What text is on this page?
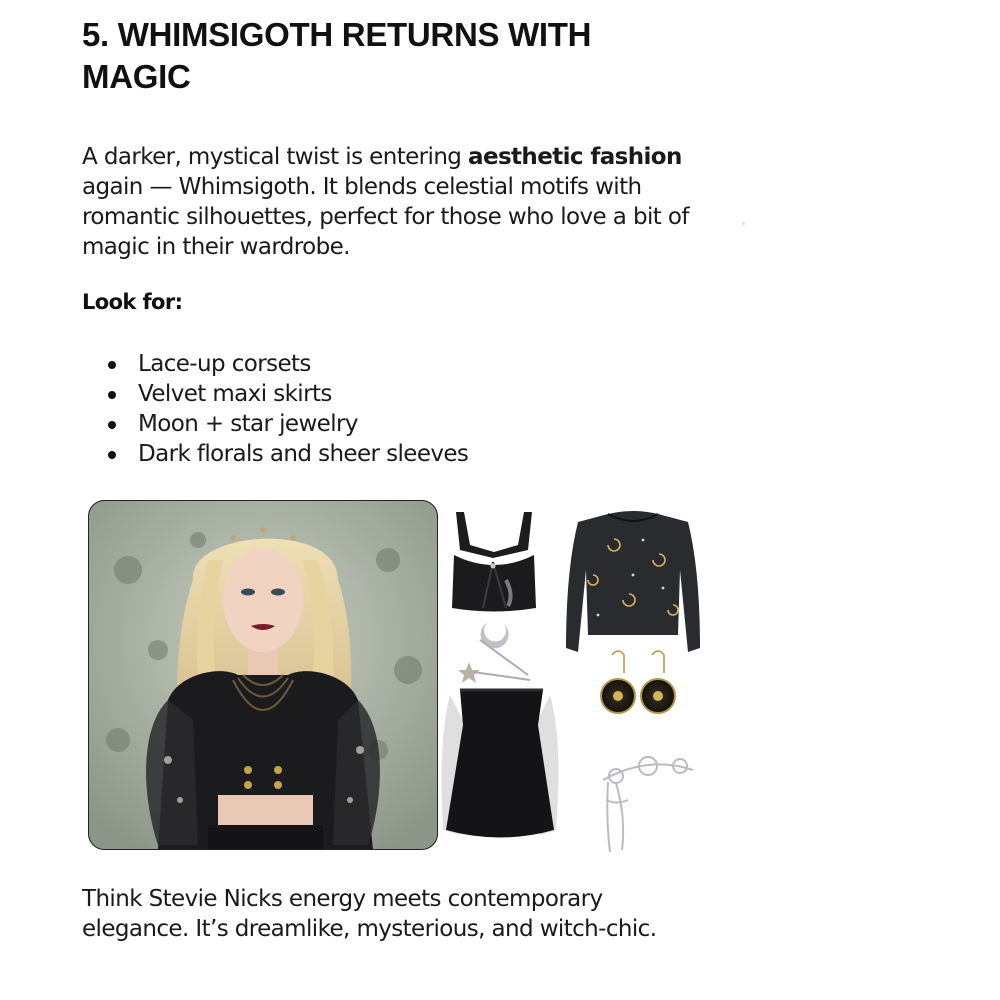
5. WHIMSIGOTH RETURNS WITH MAGIC

A darker, mystical twist is entering aesthetic fashion again — Whimsigoth. It blends celestial motifs with romantic silhouettes, perfect for those who love a bit of magic in their wardrobe.

Look for:
Lace-up corsets
Velvet maxi skirts
Moon + star jewelry
Dark florals and sheer sleeves

Think Stevie Nicks energy meets contemporary elegance. It’s dreamlike, mysterious, and witch-chic.
